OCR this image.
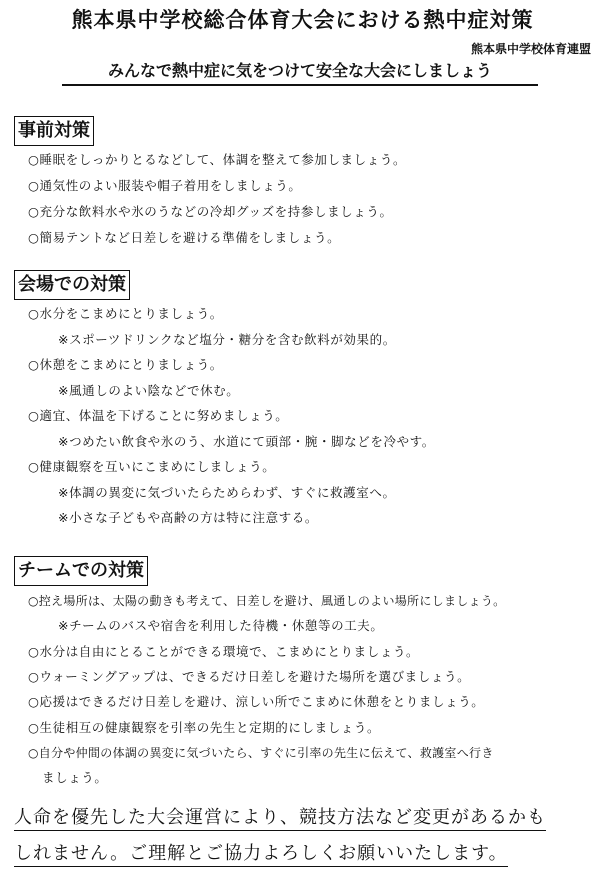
熊本県中学校総合体育大会における熱中症対策
熊本県中学校体育連盟
みんなで熱中症に気をつけて安全な大会にしましょう
事前対策
○睡眠をしっかりとるなどして、体調を整えて参加しましょう。
○通気性のよい服装や帽子着用をしましょう。
○充分な飲料水や氷のうなどの冷却グッズを持参しましょう。
○簡易テントなど日差しを避ける準備をしましょう。
会場での対策
○水分をこまめにとりましょう。
※スポーツドリンクなど塩分・糖分を含む飲料が効果的。
○休憩をこまめにとりましょう。
※風通しのよい陰などで休む。
○適宜、体温を下げることに努めましょう。
※つめたい飲食や氷のう、水道にて頭部・腕・脚などを冷やす。
○健康観察を互いにこまめにしましょう。
※体調の異変に気づいたらためらわず、すぐに救護室へ。
※小さな子どもや高齢の方は特に注意する。
チームでの対策
○控え場所は、太陽の動きも考えて、日差しを避け、風通しのよい場所にしましょう。
※チームのバスや宿舎を利用した待機・休憩等の工夫。
○水分は自由にとることができる環境で、こまめにとりましょう。
○ウォーミングアップは、できるだけ日差しを避けた場所を選びましょう。
○応援はできるだけ日差しを避け、涼しい所でこまめに休憩をとりましょう。
○生徒相互の健康観察を引率の先生と定期的にしましょう。
○自分や仲間の体調の異変に気づいたら、すぐに引率の先生に伝えて、救護室へ行き
ましょう。
人命を優先した大会運営により、競技方法など変更があるかも
しれません。ご理解とご協力よろしくお願いいたします。
